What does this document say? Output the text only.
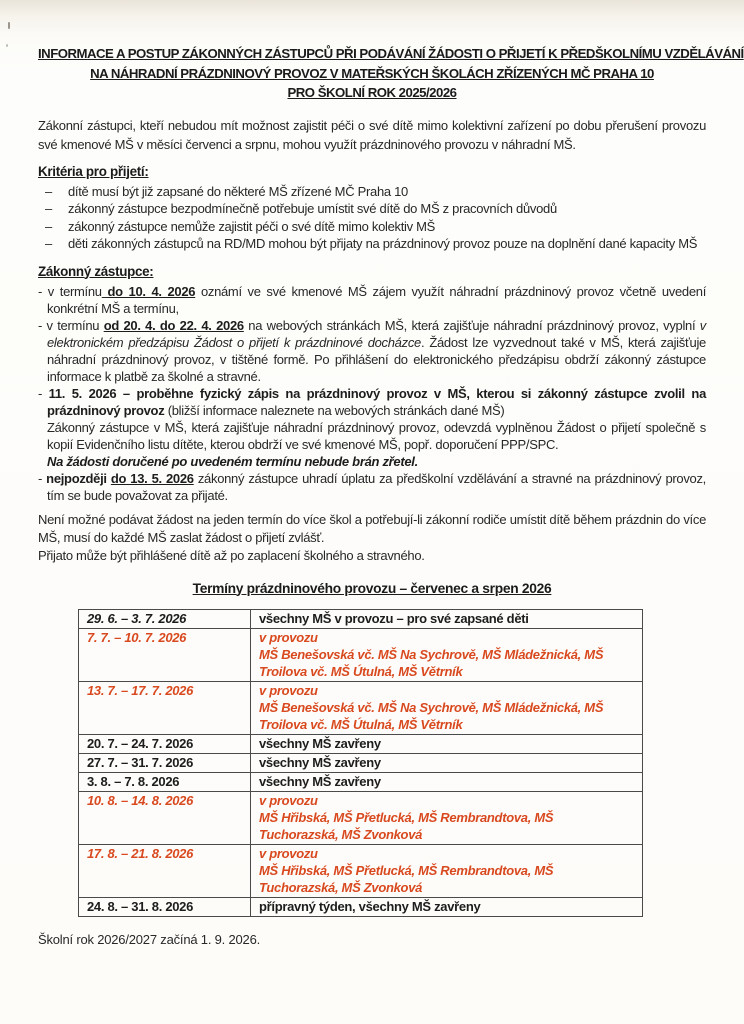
INFORMACE A POSTUP ZÁKONNÝCH ZÁSTUPCŮ PŘI PODÁVÁNÍ ŽÁDOSTI O PŘIJETÍ K PŘEDŠKOLNÍMU VZDĚLÁVÁNÍ
NA NÁHRADNÍ PRÁZDNINOVÝ PROVOZ V MATEŘSKÝCH ŠKOLÁCH ZŘÍZENÝCH MČ PRAHA 10
PRO ŠKOLNÍ ROK 2025/2026

Zákonní zástupci, kteří nebudou mít možnost zajistit péči o své dítě mimo kolektivní zařízení po dobu přerušení provozu své kmenové MŠ v měsíci červenci a srpnu, mohou využít prázdninového provozu v náhradní MŠ.

Kritéria pro přijetí:
–	dítě musí být již zapsané do některé MŠ zřízené MČ Praha 10
–	zákonný zástupce bezpodmínečně potřebuje umístit své dítě do MŠ z pracovních důvodů
–	zákonný zástupce nemůže zajistit péči o své dítě mimo kolektiv MŠ
–	děti zákonných zástupců na RD/MD mohou být přijaty na prázdninový provoz pouze na doplnění dané kapacity MŠ
Zákonný zástupce:
- v termínu do 10. 4. 2026 oznámí ve své kmenové MŠ zájem využít náhradní prázdninový provoz včetně uvedení konkrétní MŠ a termínu,
- v termínu od 20. 4. do 22. 4. 2026 na webových stránkách MŠ, která zajišťuje náhradní prázdninový provoz, vyplní v elektronickém předzápisu Žádost o přijetí k prázdninové docházce. Žádost lze vyzvednout také v MŠ, která zajišťuje náhradní prázdninový provoz, v tištěné formě. Po přihlášení do elektronického předzápisu obdrží zákonný zástupce informace k platbě za školné a stravné.
- 11. 5. 2026 – proběhne fyzický zápis na prázdninový provoz v MŠ, kterou si zákonný zástupce zvolil na prázdninový provoz (bližší informace naleznete na webových stránkách dané MŠ)
Zákonný zástupce v MŠ, která zajišťuje náhradní prázdninový provoz, odevzdá vyplněnou Žádost o přijetí společně s kopií Evidenčního listu dítěte, kterou obdrží ve své kmenové MŠ, popř. doporučení PPP/SPC.
Na žádosti doručené po uvedeném termínu nebude brán zřetel.
- nejpozději do 13. 5. 2026 zákonný zástupce uhradí úplatu za předškolní vzdělávání a stravné na prázdninový provoz, tím se bude považovat za přijaté.

Není možné podávat žádost na jeden termín do více škol a potřebují-li zákonní rodiče umístit dítě během prázdnin do více MŠ, musí do každé MŠ zaslat žádost o přijetí zvlášť.

Přijato může být přihlášené dítě až po zaplacení školného a stravného.

Termíny prázdninového provozu – červenec a srpen 2026
29. 6. – 3. 7. 2026	všechny MŠ v provozu – pro své zapsané děti
7. 7. – 10. 7. 2026	v provozu
MŠ Benešovská vč. MŠ Na Sychrově, MŠ Mládežnická, MŠ Troilova vč. MŠ Útulná, MŠ Větrník
13. 7. – 17. 7. 2026	v provozu
MŠ Benešovská vč. MŠ Na Sychrově, MŠ Mládežnická, MŠ Troilova vč. MŠ Útulná, MŠ Větrník
20. 7. – 24. 7. 2026	všechny MŠ zavřeny
27. 7. – 31. 7. 2026	všechny MŠ zavřeny
3. 8. – 7. 8. 2026	všechny MŠ zavřeny
10. 8. – 14. 8. 2026	v provozu
MŠ Hřibská, MŠ Přetlucká, MŠ Rembrandtova, MŠ Tuchorazská, MŠ Zvonková
17. 8. – 21. 8. 2026	v provozu
MŠ Hřibská, MŠ Přetlucká, MŠ Rembrandtova, MŠ Tuchorazská, MŠ Zvonková
24. 8. – 31. 8. 2026	přípravný týden, všechny MŠ zavřeny

Školní rok 2026/2027 začíná 1. 9. 2026.
